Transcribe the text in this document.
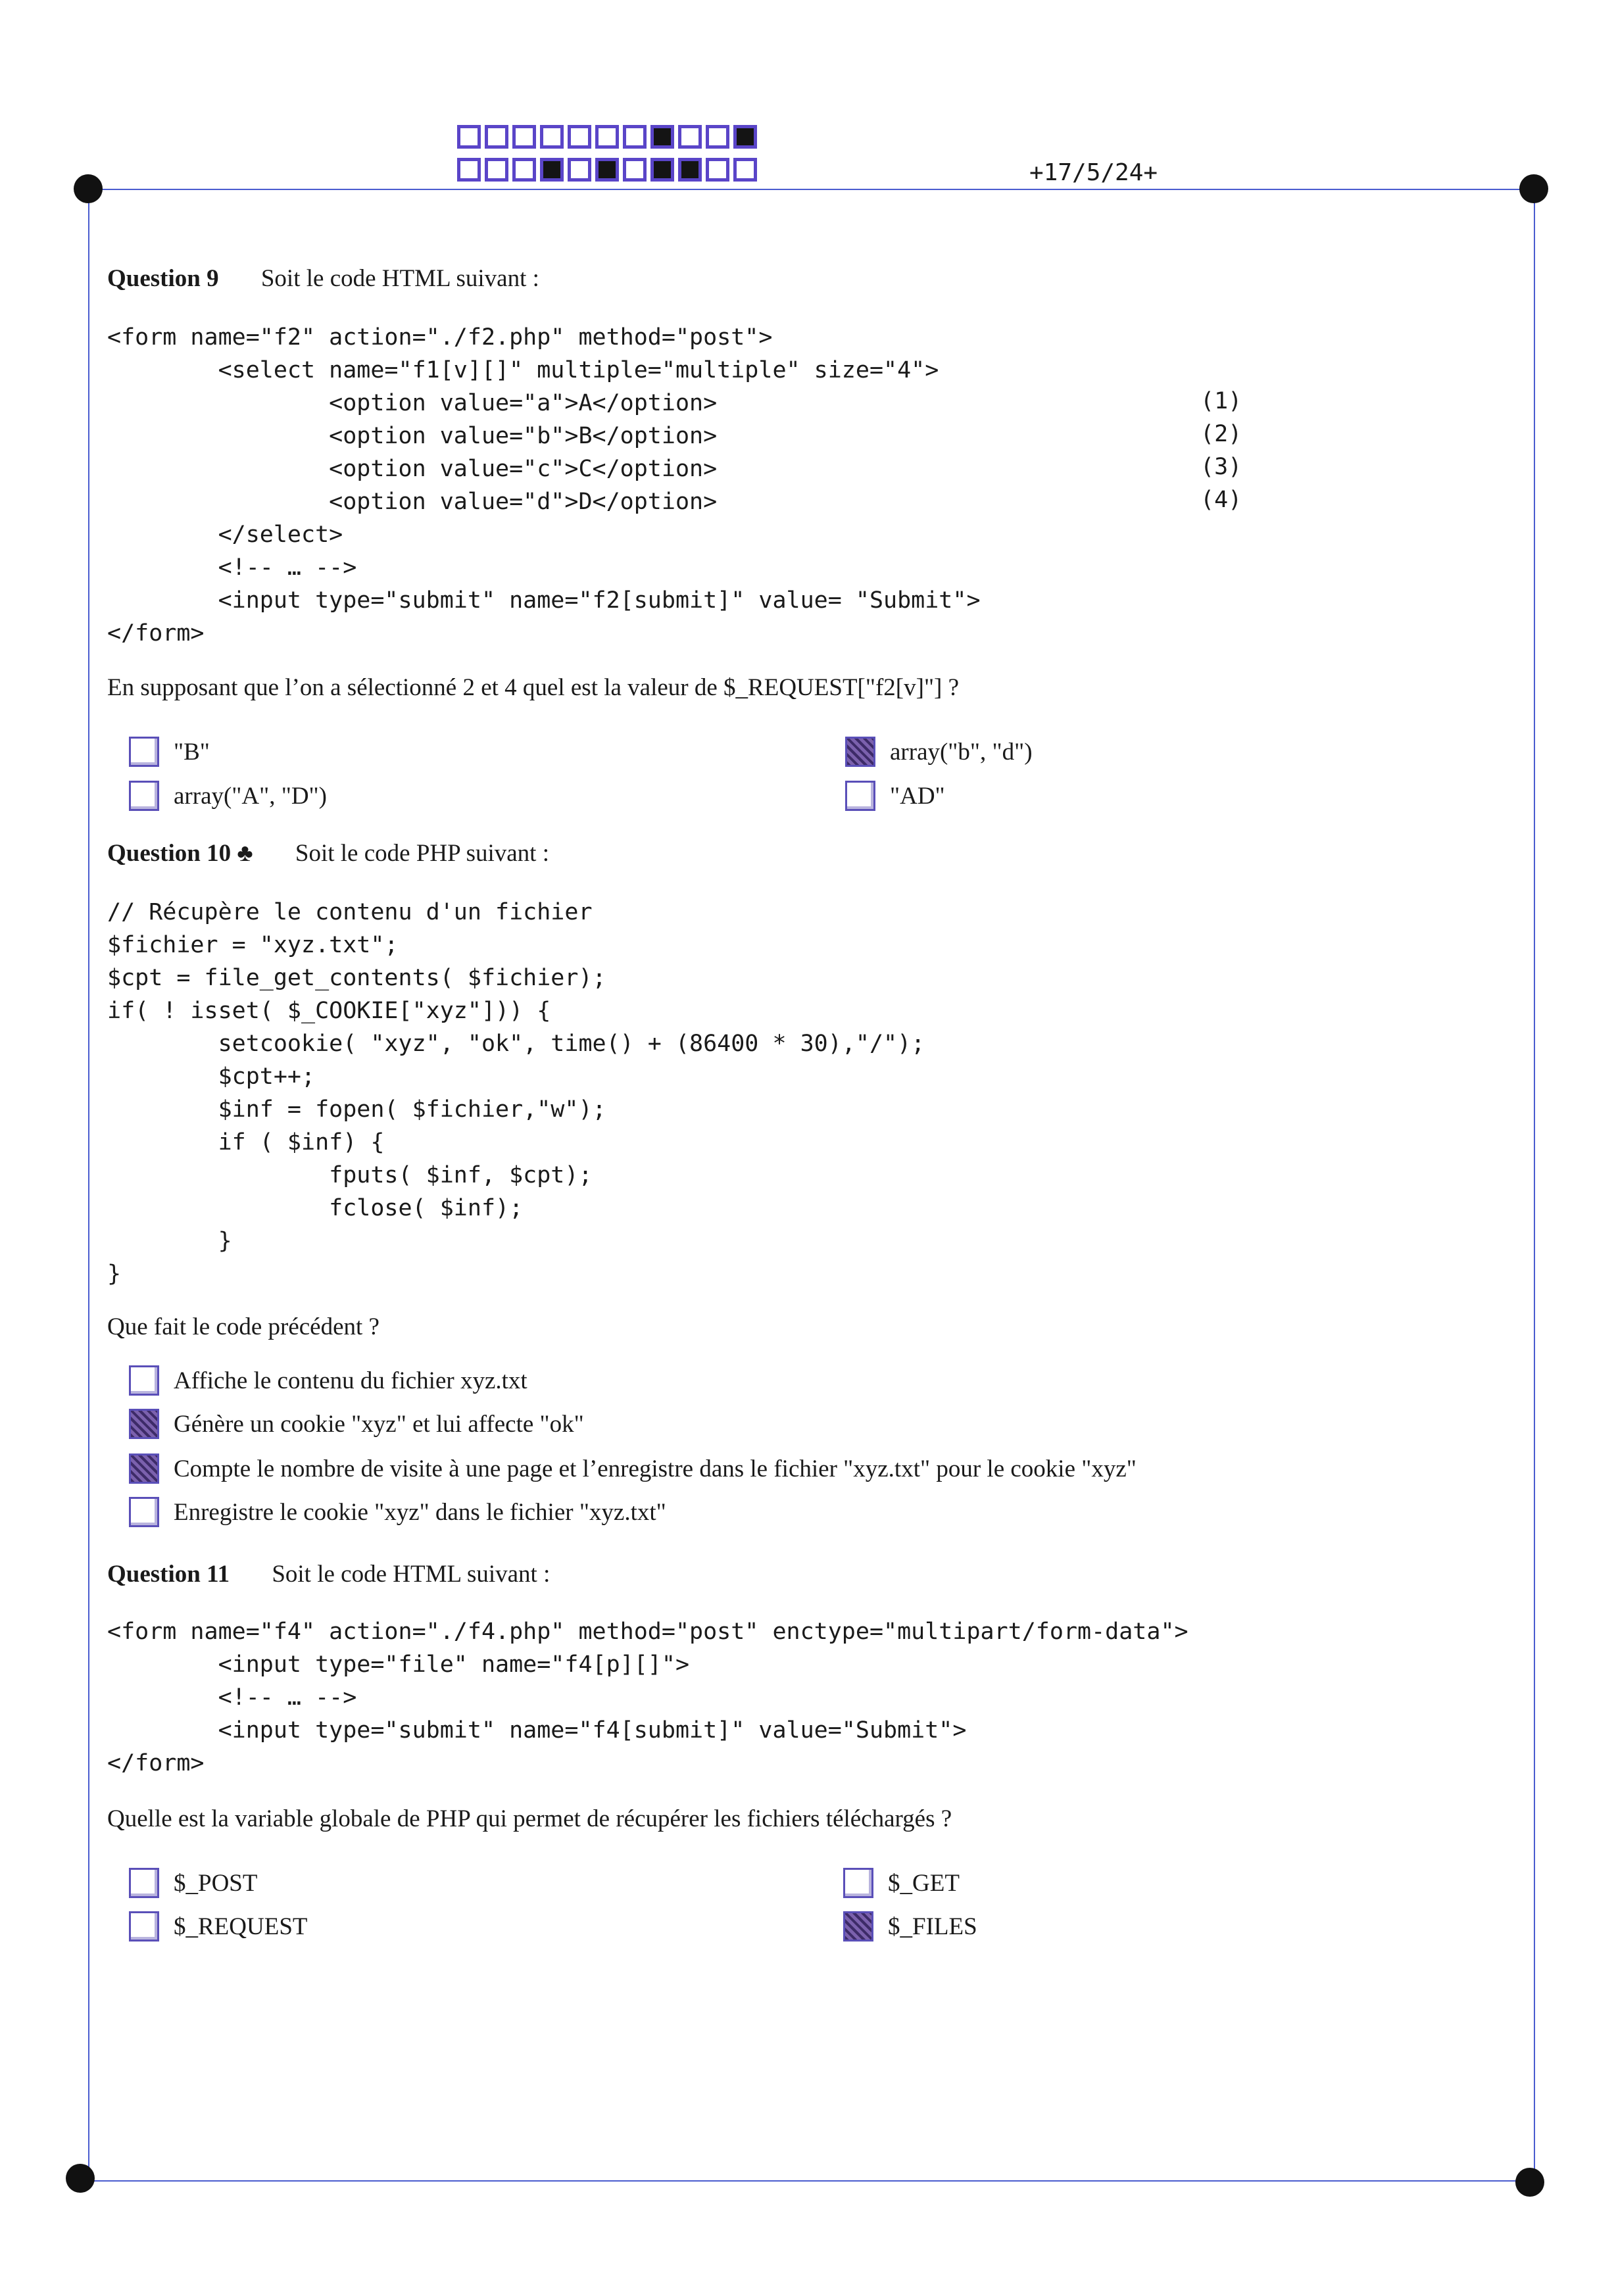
+17/5/24+
Question 9 Soit le code HTML suivant :
<form name="f2" action="./f2.php" method="post">
<select name="f1[v][]" multiple="multiple" size="4">
<option value="a">A</option>
<option value="b">B</option>
<option value="c">C</option>
<option value="d">D</option>
</select>
<!-- … -->
<input type="submit" name="f2[submit]" value= "Submit">
</form>
(1)
(2)
(3)
(4)
En supposant que l’on a sélectionné 2 et 4 quel est la valeur de $_REQUEST["f2[v]"] ?
"B"	array("b", "d")
array("A", "D")	"AD"
Question 10 ♣ Soit le code PHP suivant :
// Récupère le contenu d'un fichier
$fichier = "xyz.txt";
$cpt = file_get_contents( $fichier);
if( ! isset( $_COOKIE["xyz"])) {
setcookie( "xyz", "ok", time() + (86400 * 30),"/");
$cpt++;
$inf = fopen( $fichier,"w");
if ( $inf) {
fputs( $inf, $cpt);
fclose( $inf);
}
}
Que fait le code précédent ?
Affiche le contenu du fichier xyz.txt
Génère un cookie "xyz" et lui affecte "ok"
Compte le nombre de visite à une page et l’enregistre dans le fichier "xyz.txt" pour le cookie "xyz"
Enregistre le cookie "xyz" dans le fichier "xyz.txt"
Question 11 Soit le code HTML suivant :
<form name="f4" action="./f4.php" method="post" enctype="multipart/form-data">
<input type="file" name="f4[p][]">
<!-- … -->
<input type="submit" name="f4[submit]" value="Submit">
</form>
Quelle est la variable globale de PHP qui permet de récupérer les fichiers téléchargés ?
$_POST	$_GET
$_REQUEST	$_FILES
